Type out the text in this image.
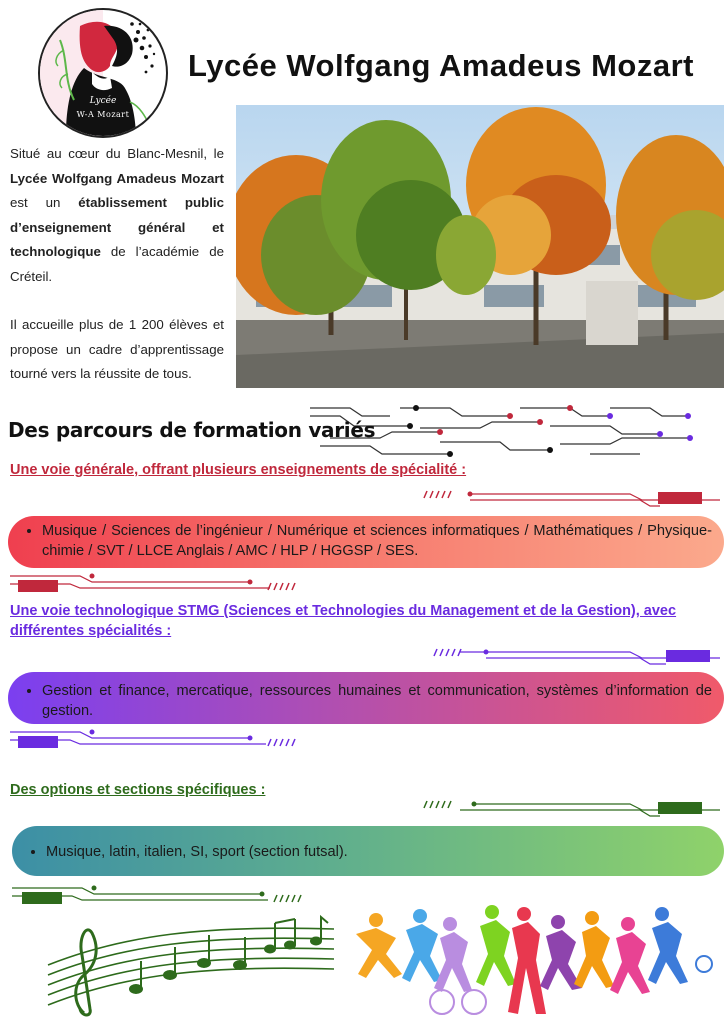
Lycée
W-A Mozart
Lycée Wolfgang Amadeus Mozart

Situé au cœur du Blanc-Mesnil, le Lycée Wolfgang Amadeus Mozart est un établissement public d’enseignement général et technologique de l’académie de Créteil.

Il accueille plus de 1 200 élèves et propose un cadre d’apprentissage tourné vers la réussite de tous.

Des parcours de formation variés
Une voie générale, offrant plusieurs enseignements de spécialité :
• Musique / Sciences de l’ingénieur / Numérique et sciences informatiques / Mathématiques / Physique-chimie / SVT / LLCE Anglais / AMC / HLP / HGGSP / SES.
Une voie technologique STMG (Sciences et Technologies du Management et de la Gestion), avec différentes spécialités :
• Gestion et finance, mercatique, ressources humaines et communication, systèmes d’information de gestion.
Des options et sections spécifiques :
• Musique, latin, italien, SI, sport (section futsal).
